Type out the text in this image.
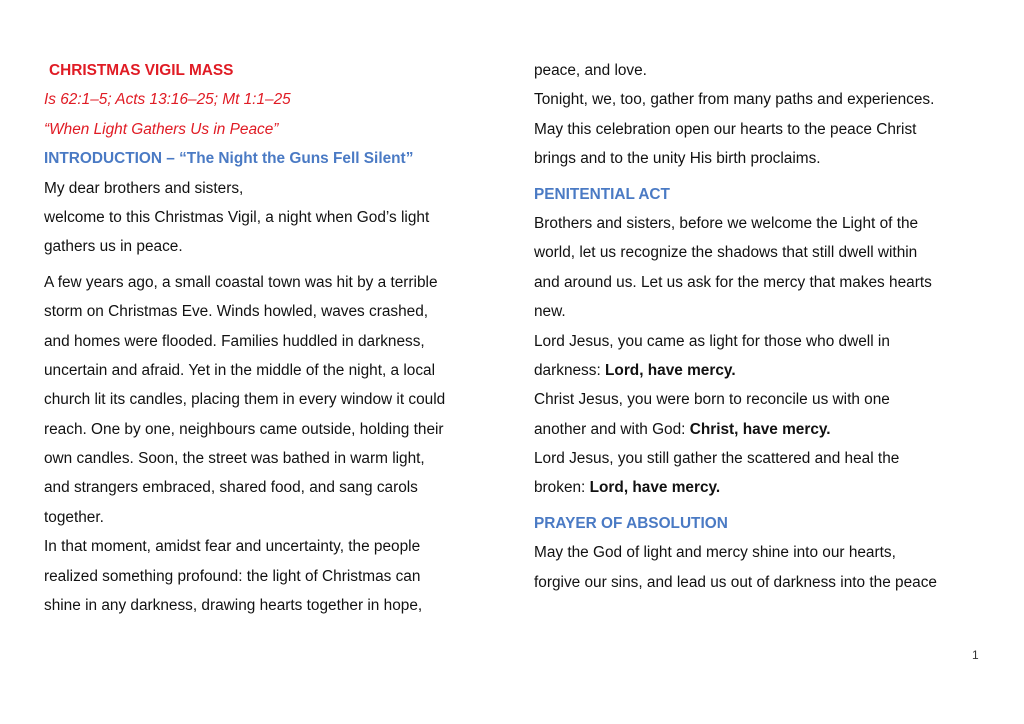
CHRISTMAS VIGIL MASS
Is 62:1–5; Acts 13:16–25; Mt 1:1–25
“When Light Gathers Us in Peace”
INTRODUCTION – “The Night the Guns Fell Silent”
My dear brothers and sisters,
welcome to this Christmas Vigil, a night when God’s light
gathers us in peace.
A few years ago, a small coastal town was hit by a terrible
storm on Christmas Eve. Winds howled, waves crashed,
and homes were flooded. Families huddled in darkness,
uncertain and afraid. Yet in the middle of the night, a local
church lit its candles, placing them in every window it could
reach. One by one, neighbours came outside, holding their
own candles. Soon, the street was bathed in warm light,
and strangers embraced, shared food, and sang carols
together.
In that moment, amidst fear and uncertainty, the people
realized something profound: the light of Christmas can
shine in any darkness, drawing hearts together in hope,
peace, and love.
Tonight, we, too, gather from many paths and experiences.
May this celebration open our hearts to the peace Christ
brings and to the unity His birth proclaims.
PENITENTIAL ACT
Brothers and sisters, before we welcome the Light of the
world, let us recognize the shadows that still dwell within
and around us. Let us ask for the mercy that makes hearts
new.
Lord Jesus, you came as light for those who dwell in
darkness: Lord, have mercy.
Christ Jesus, you were born to reconcile us with one
another and with God: Christ, have mercy.
Lord Jesus, you still gather the scattered and heal the
broken: Lord, have mercy.
PRAYER OF ABSOLUTION
May the God of light and mercy shine into our hearts,
forgive our sins, and lead us out of darkness into the peace
1
